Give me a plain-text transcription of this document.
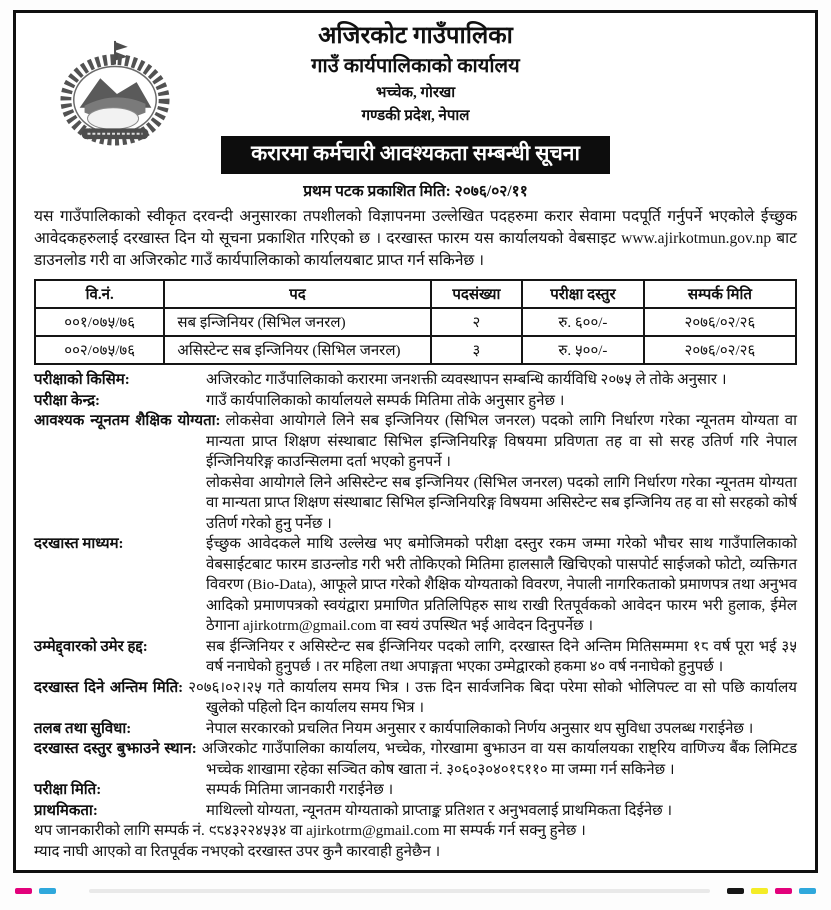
अजिरकोट गाउँपालिका
गाउँ कार्यपालिकाको कार्यालय
भच्चेक, गोरखा
गण्डकी प्रदेश, नेपाल
करारमा कर्मचारी आवश्यकता सम्बन्धी सूचना
प्रथम पटक प्रकाशित मिति: २०७६/०२/११

यस गाउँपालिकाको स्वीकृत दरवन्दी अनुसारका तपशीलको विज्ञापनमा उल्लेखित पदहरुमा करार सेवामा पदपूर्ति गर्नुपर्ने भएकोले ईच्छुक आवेदकहरुलाई दरखास्त दिन यो सूचना प्रकाशित गरिएको छ । दरखास्त फारम यस कार्यालयको वेबसाइट www.ajirkotmun.gov.np बाट डाउनलोड गरी वा अजिरकोट गाउँ कार्यपालिकाको कार्यालयबाट प्राप्त गर्न सकिनेछ ।

वि.नं.	पद	पदसंख्या	परीक्षा दस्तुर	सम्पर्क मिति
००१/०७५/७६	सब इन्जिनियर (सिभिल जनरल)	२	रु. ६००/-	२०७६/०२/२६
००२/०७५/७६	असिस्टेन्ट सब इन्जिनियर (सिभिल जनरल)	३	रु. ५००/-	२०७६/०२/२६
परीक्षाको किसिम:	अजिरकोट गाउँपालिकाको करारमा जनशक्ती व्यवस्थापन सम्बन्धि कार्यविधि २०७५ ले तोके अनुसार ।
परीक्षा केन्द्र:	गाउँ कार्यपालिकाको कार्यालयले सम्पर्क मितिमा तोके अनुसार हुनेछ ।
आवश्यक न्यूनतम शैक्षिक योग्यता: लोकसेवा आयोगले लिने सब इन्जिनियर (सिभिल जनरल) पदको लागि निर्धारण गरेका न्यूनतम योग्यता वा मान्यता प्राप्त शिक्षण संस्थाबाट सिभिल इन्जिनियरिङ्ग विषयमा प्रविणता तह वा सो सरह उतिर्ण गरि नेपाल ईन्जिनियरिङ्ग काउन्सिलमा दर्ता भएको हुनपर्ने ।
लोकसेवा आयोगले लिने असिस्टेन्ट सब इन्जिनियर (सिभिल जनरल) पदको लागि निर्धारण गरेका न्यूनतम योग्यता वा मान्यता प्राप्त शिक्षण संस्थाबाट सिभिल इन्जिनियरिङ्ग विषयमा असिस्टेन्ट सब इन्जिनिय तह वा सो सरहको कोर्ष उतिर्ण गरेको हुनु पर्नेछ ।
दरखास्त माध्यम:	ईच्छुक आवेदकले माथि उल्लेख भए बमोजिमको परीक्षा दस्तुर रकम जम्मा गरेको भौचर साथ गाउँपालिकाको वेबसाईटबाट फारम डाउन्लोड गरी भरी तोकिएको मितिमा हालसालै खिचिएको पासपोर्ट साईजको फोटो, व्यक्तिगत विवरण (Bio-Data), आफूले प्राप्त गरेको शैक्षिक योग्यताको विवरण, नेपाली नागरिकताको प्रमाणपत्र तथा अनुभव आदिको प्रमाणपत्रको स्वयंद्वारा प्रमाणित प्रतिलिपिहरु साथ राखी रितपूर्वकको आवेदन फारम भरी हुलाक, ईमेल ठेगाना ajirkotrm@gmail.com वा स्वयं उपस्थित भई आवेदन दिनुपर्नेछ ।
उम्मेद्द्वारको उमेर हद्द:	सब ईन्जिनियर र असिस्टेन्ट सब ईन्जिनियर पदको लागि, दरखास्त दिने अन्तिम मितिसम्ममा १८ वर्ष पूरा भई ३५ वर्ष ननाघेको हुनुपर्छ । तर महिला तथा अपाङ्गता भएका उम्मेद्वारको हकमा ४० वर्ष ननाघेको हुनुपर्छ ।
दरखास्त दिने अन्तिम मिति: २०७६।०२।२५ गते कार्यालय समय भित्र । उक्त दिन सार्वजनिक बिदा परेमा सोको भोलिपल्ट वा सो पछि कार्यालय खुलेको पहिलो दिन कार्यालय समय भित्र ।
तलब तथा सुविधा:	नेपाल सरकारको प्रचलित नियम अनुसार र कार्यपालिकाको निर्णय अनुसार थप सुविधा उपलब्ध गराईनेछ ।
दरखास्त दस्तुर बुझाउने स्थान: अजिरकोट गाउँपालिका कार्यालय, भच्चेक, गोरखामा बुझाउन वा यस कार्यालयका राष्ट्रिय वाणिज्य बैंक लिमिटड भच्चेक शाखामा रहेका सञ्चित कोष खाता नं. ३०६०३०४०१८११० मा जम्मा गर्न सकिनेछ ।
परीक्षा मिति:	सम्पर्क मितिमा जानकारी गराईनेछ ।
प्राथमिकता:	माथिल्लो योग्यता, न्यूनतम योग्यताको प्राप्ताङ्क प्रतिशत र अनुभवलाई प्राथमिकता दिईनेछ ।
थप जानकारीको लागि सम्पर्क नं. ९८४३२२४५३४ वा ajirkotrm@gmail.com मा सम्पर्क गर्न सक्नु हुनेछ ।
म्याद नाघी आएको वा रितपूर्वक नभएको दरखास्त उपर कुनै कारवाही हुनेछैन ।
